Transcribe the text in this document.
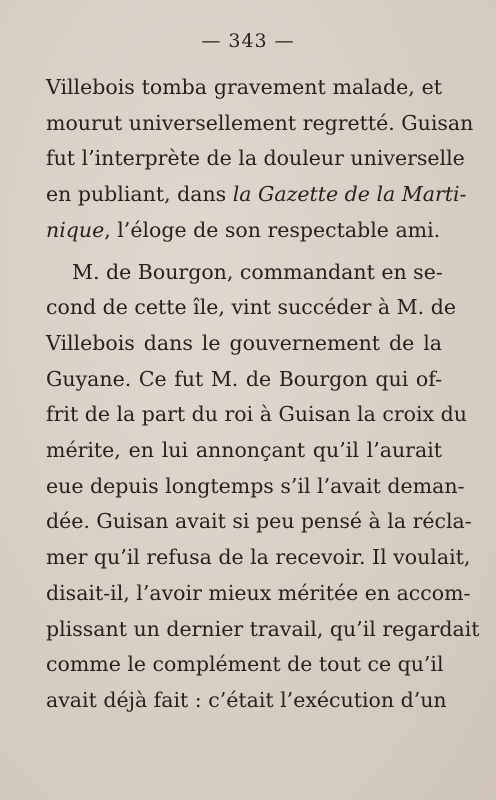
— 343 —
Villebois tomba gravement malade, et
mourut universellement regretté. Guisan
fut l’interprète de la douleur universelle
en publiant, dans la Gazette de la Marti-
nique, l’éloge de son respectable ami.
M. de Bourgon, commandant en se-
cond de cette île, vint succéder à M. de
Villebois dans le gouvernement de la
Guyane. Ce fut M. de Bourgon qui of-
frit de la part du roi à Guisan la croix du
mérite, en lui annonçant qu’il l’aurait
eue depuis longtemps s’il l’avait deman-
dée. Guisan avait si peu pensé à la récla-
mer qu’il refusa de la recevoir. Il voulait,
disait-il, l’avoir mieux méritée en accom-
plissant un dernier travail, qu’il regardait
comme le complément de tout ce qu’il
avait déjà fait : c’était l’exécution d’un
